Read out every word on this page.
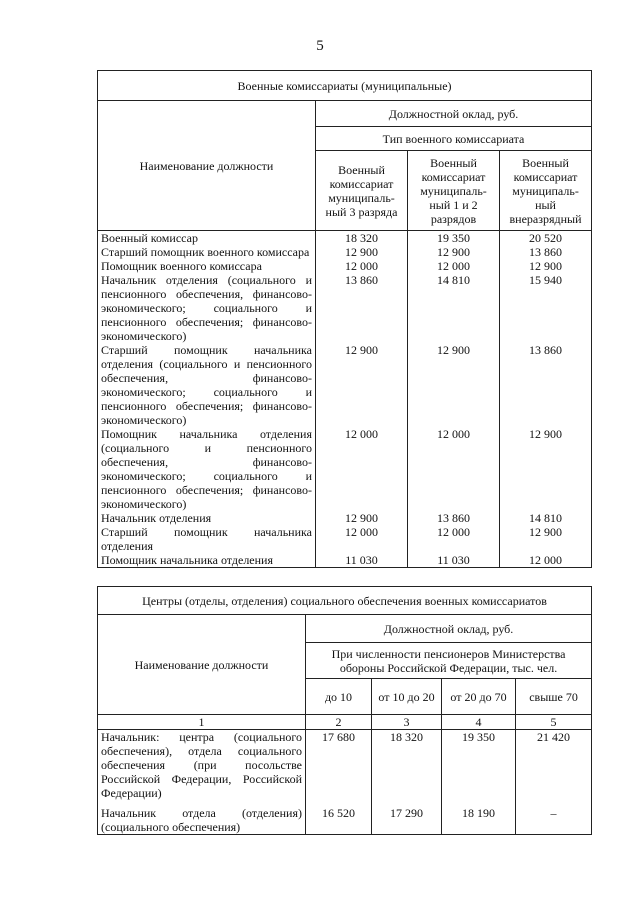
5
Военные комиссариаты (муниципальные)			
Наименование должности	Должностной оклад, руб.		
	Тип военного комиссариата		
	Военный комиссариат муниципаль-ный 3 разряда	Военный комиссариат муниципаль-ный 1 и 2 разрядов	Военный комиссариат муниципаль-ный внеразрядный
Военный комиссар	18 320	19 350	20 520
Старший помощник военного комиссара	12 900	12 900	13 860
Помощник военного комиссара	12 000	12 000	12 900
Начальник отделения (социального и пенсионного обеспечения, финансово-экономического; социального и пенсионного обеспечения; финансово-экономического)	13 860	14 810	15 940
Старший помощник начальника отделения (социального и пенсионного обеспечения, финансово-экономического; социального и пенсионного обеспечения; финансово-экономического)	12 900	12 900	13 860
Помощник начальника отделения (социального и пенсионного обеспечения, финансово-экономического; социального и пенсионного обеспечения; финансово-экономического)	12 000	12 000	12 900
Начальник отделения	12 900	13 860	14 810
Старший помощник начальника отделения	12 000	12 000	12 900
Помощник начальника отделения	11 030	11 030	12 000
Центры (отделы, отделения) социального обеспечения военных комиссариатов				
Наименование должности	Должностной оклад, руб.			
	При численности пенсионеров Министерства обороны Российской Федерации, тыс. чел.			
	до 10	от 10 до 20	от 20 до 70	свыше 70
1	2	3	4	5
Начальник: центра (социального обеспечения), отдела социального обеспечения (при посольстве Российской Федерации, Российской Федерации)	17 680	18 320	19 350	21 420
Начальник отдела (отделения) (социального обеспечения)	16 520	17 290	18 190	–
